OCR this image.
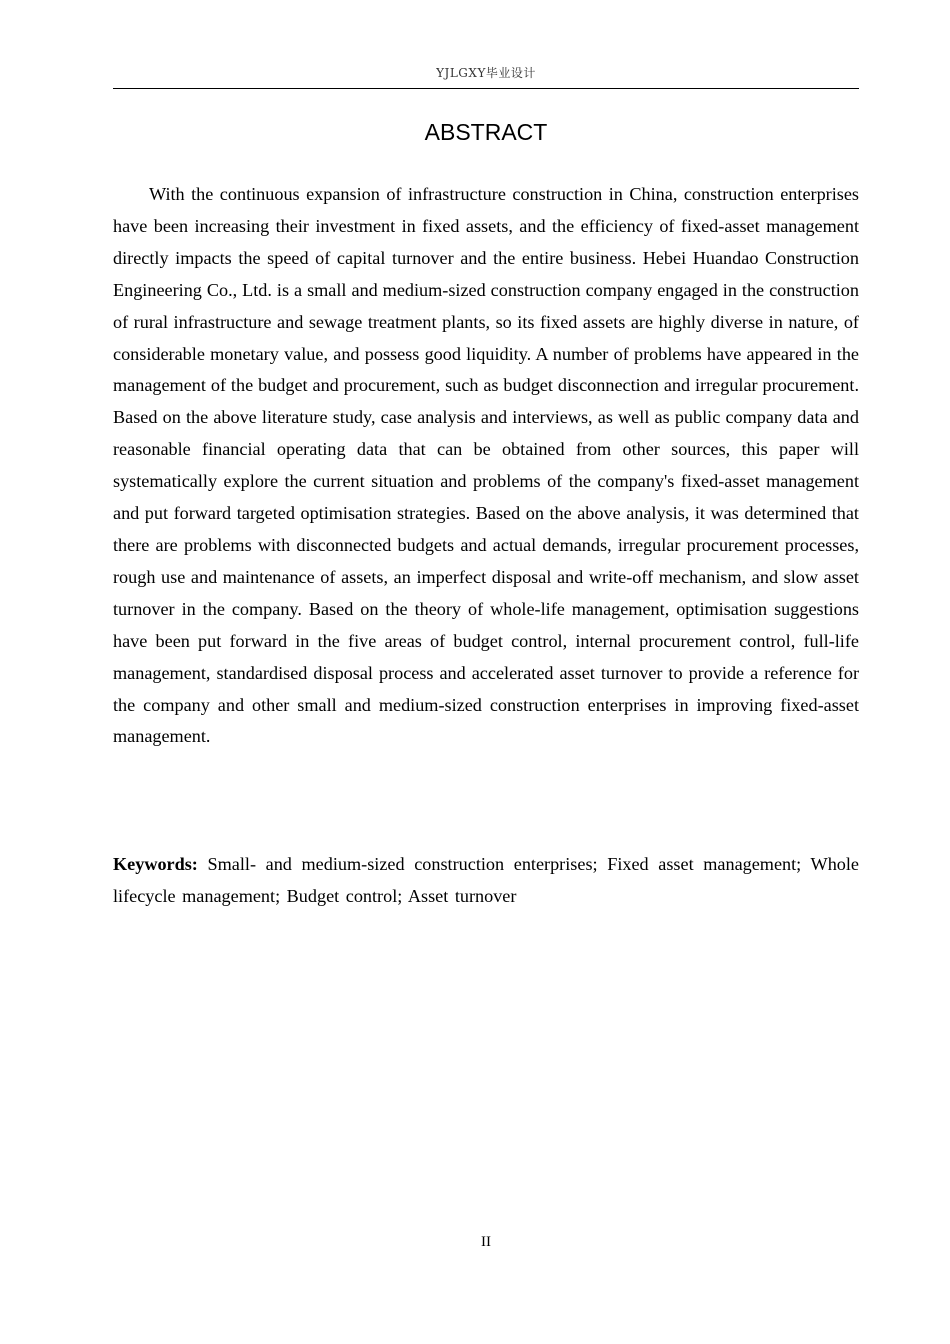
YJLGXY毕业设计
ABSTRACT

With the continuous expansion of infrastructure construction in China, construction enterprises have been increasing their investment in fixed assets, and the efficiency of fixed-asset management directly impacts the speed of capital turnover and the entire business. Hebei Huandao Construction Engineering Co., Ltd. is a small and medium-sized construction company engaged in the construction of rural infrastructure and sewage treatment plants, so its fixed assets are highly diverse in nature, of considerable monetary value, and possess good liquidity. A number of problems have appeared in the management of the budget and procurement, such as budget disconnection and irregular procurement. Based on the above literature study, case analysis and interviews, as well as public company data and reasonable financial operating data that can be obtained from other sources, this paper will systematically explore the current situation and problems of the company's fixed-asset management and put forward targeted optimisation strategies. Based on the above analysis, it was determined that there are problems with disconnected budgets and actual demands, irregular procurement processes, rough use and maintenance of assets, an imperfect disposal and write-off mechanism, and slow asset turnover in the company. Based on the theory of whole-life management, optimisation suggestions have been put forward in the five areas of budget control, internal procurement control, full-life management, standardised disposal process and accelerated asset turnover to provide a reference for the company and other small and medium-sized construction enterprises in improving fixed-asset management.

Keywords: Small- and medium-sized construction enterprises; Fixed asset management; Whole lifecycle management; Budget control; Asset turnover

II
